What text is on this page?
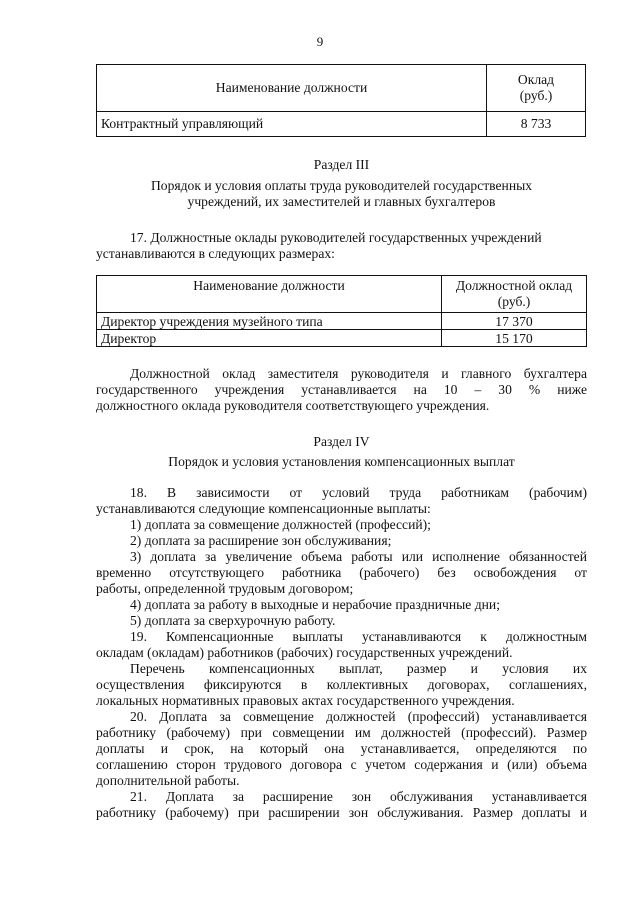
9
Наименование должности	Оклад
(руб.)

Контрактный управляющий	8 733
Раздел III
Порядок и условия оплаты труда руководителей государственных
учреждений, их заместителей и главных бухгалтеров
17. Должностные оклады руководителей государственных учреждений
устанавливаются в следующих размерах:
Наименование должности	Должностной оклад
(руб.)

Директор учреждения музейного типа	17 370
Директор	15 170
Должностной оклад заместителя руководителя и главного бухгалтера
государственного учреждения устанавливается на 10 – 30 % ниже
должностного оклада руководителя соответствующего учреждения.
Раздел IV
Порядок и условия установления компенсационных выплат
18. В зависимости от условий труда работникам (рабочим)
устанавливаются следующие компенсационные выплаты:
1) доплата за совмещение должностей (профессий);
2) доплата за расширение зон обслуживания;
3) доплата за увеличение объема работы или исполнение обязанностей
временно отсутствующего работника (рабочего) без освобождения от
работы, определенной трудовым договором;
4) доплата за работу в выходные и нерабочие праздничные дни;
5) доплата за сверхурочную работу.
19. Компенсационные выплаты устанавливаются к должностным
окладам (окладам) работников (рабочих) государственных учреждений.
Перечень компенсационных выплат, размер и условия их
осуществления фиксируются в коллективных договорах, соглашениях,
локальных нормативных правовых актах государственного учреждения.
20. Доплата за совмещение должностей (профессий) устанавливается
работнику (рабочему) при совмещении им должностей (профессий). Размер
доплаты и срок, на который она устанавливается, определяются по
соглашению сторон трудового договора с учетом содержания и (или) объема
дополнительной работы.
21. Доплата за расширение зон обслуживания устанавливается
работнику (рабочему) при расширении зон обслуживания. Размер доплаты и
